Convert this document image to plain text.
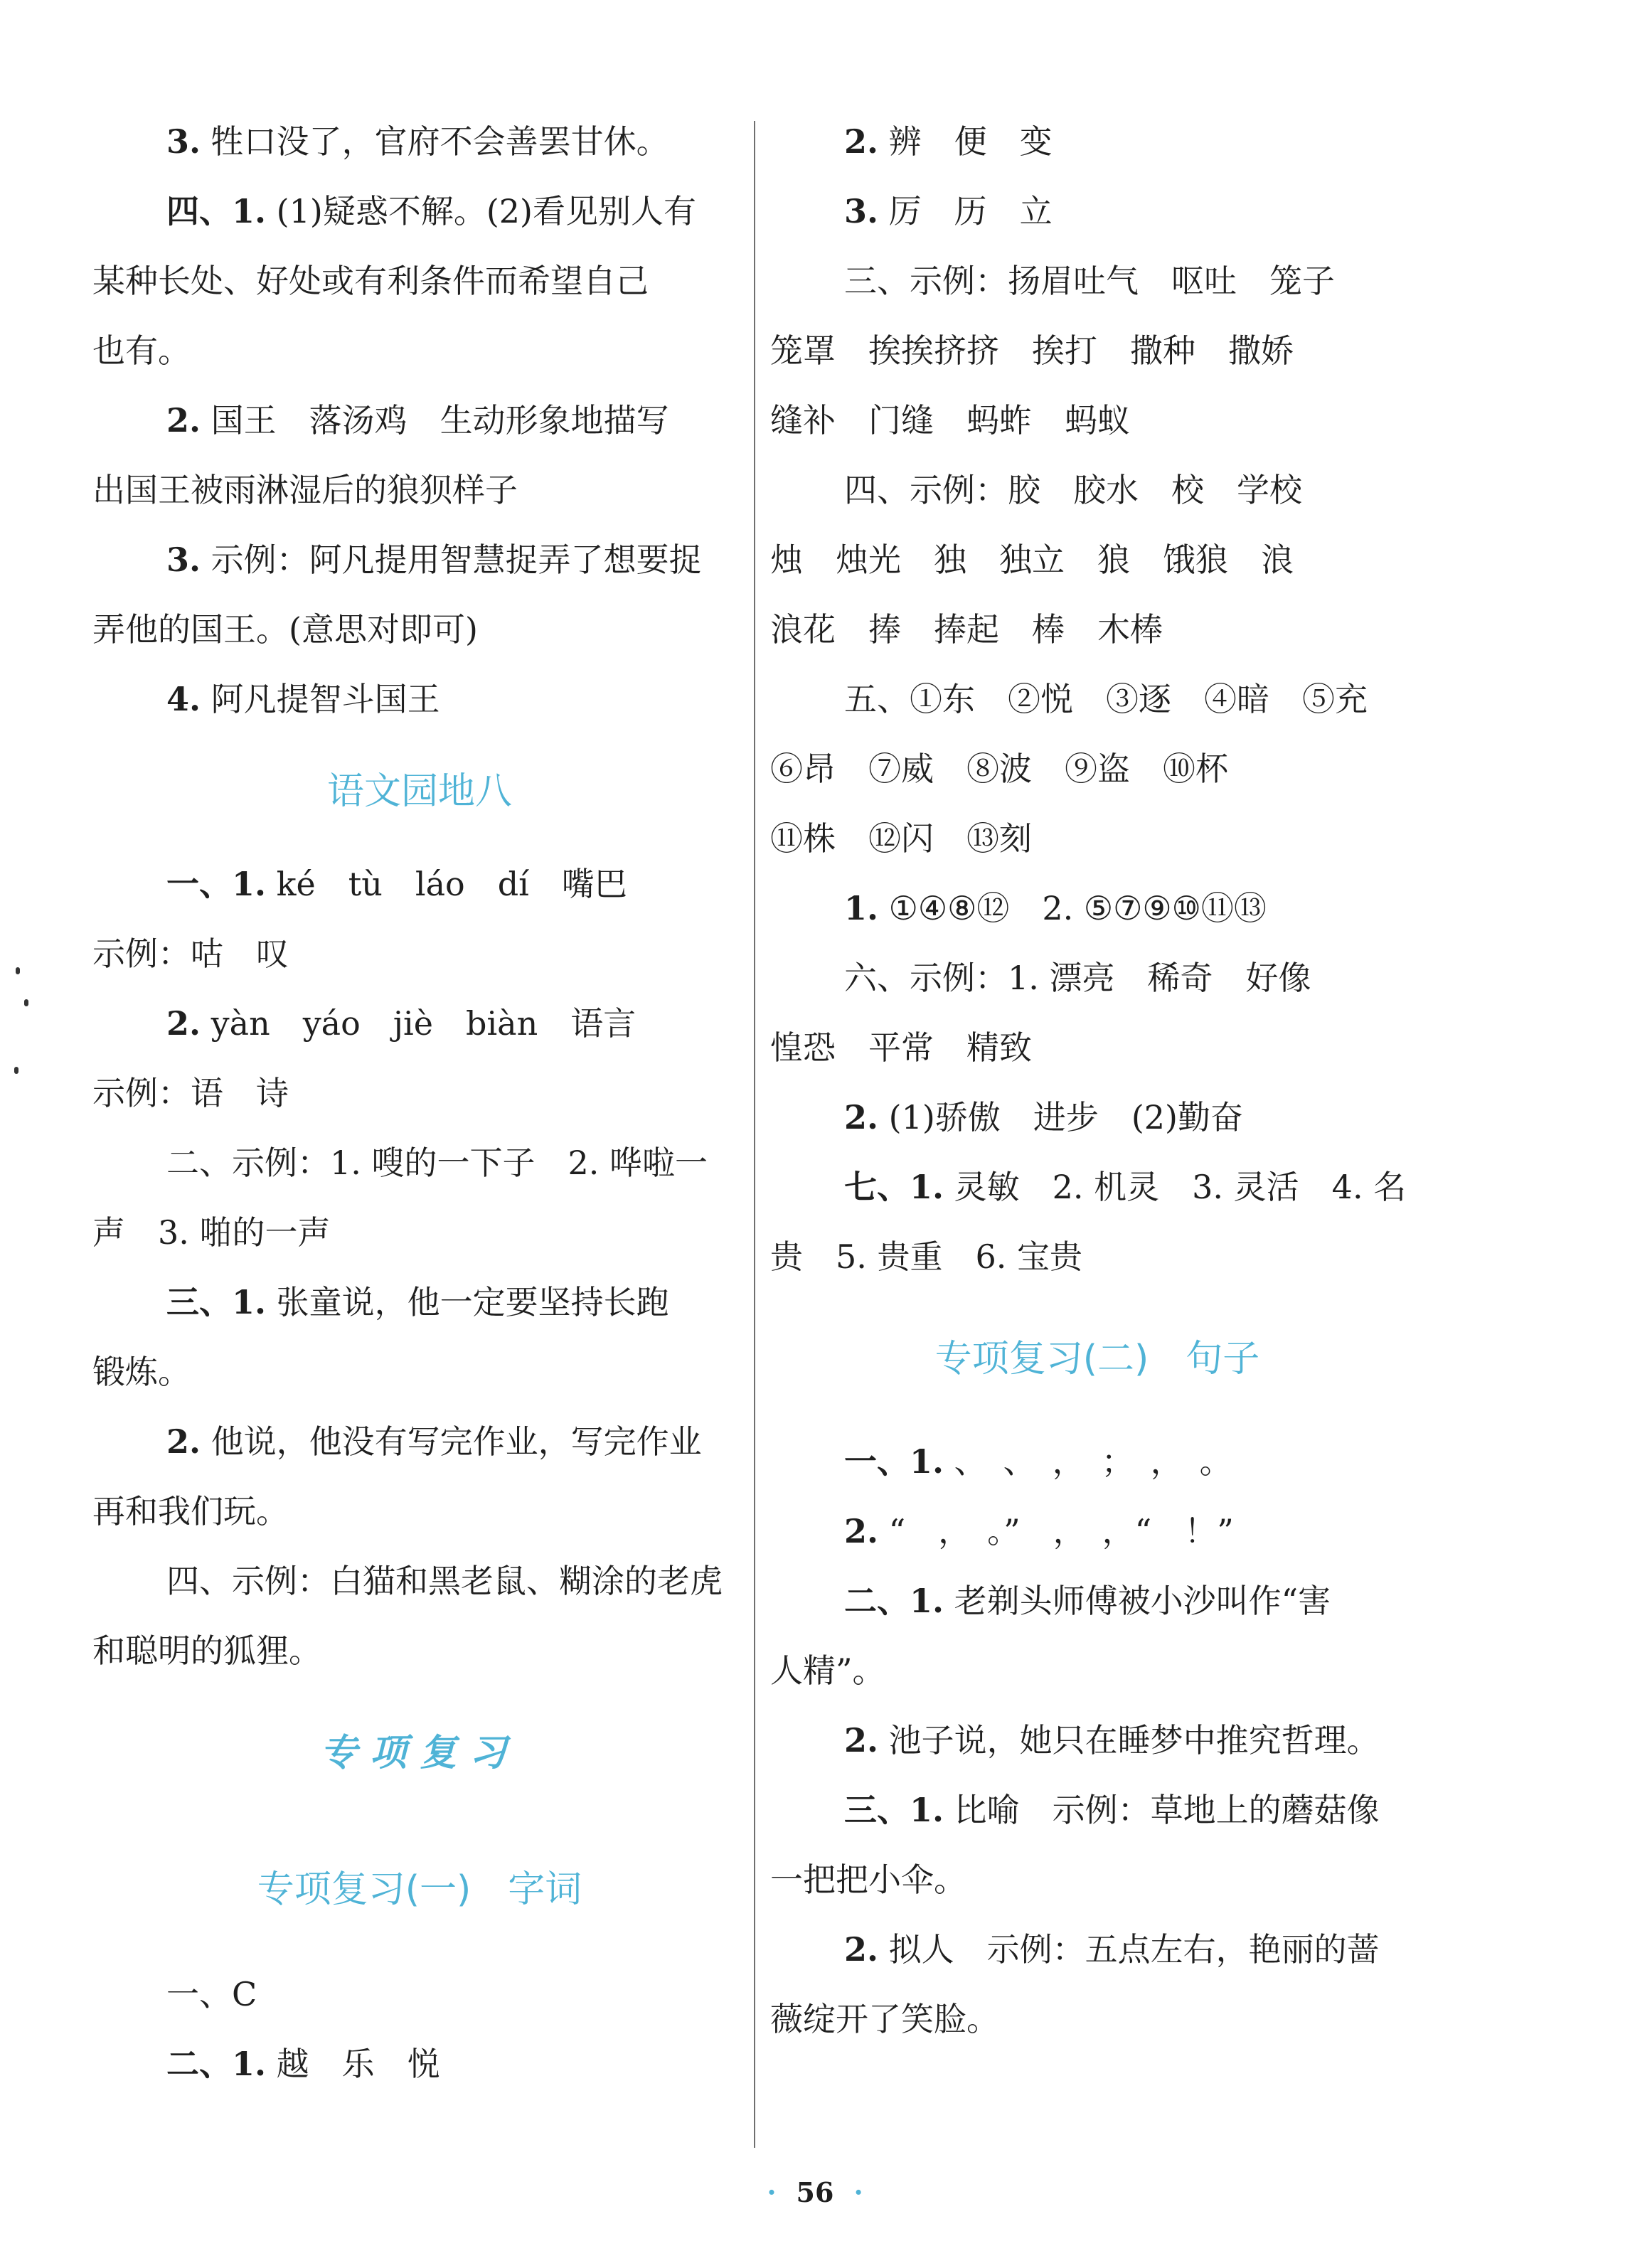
3. 牲口没了，官府不会善罢甘休。
四、1. (1)疑惑不解。(2)看见别人有
某种长处、好处或有利条件而希望自己
也有。
2. 国王　落汤鸡　生动形象地描写
出国王被雨淋湿后的狼狈样子
3. 示例：阿凡提用智慧捉弄了想要捉
弄他的国王。(意思对即可)
4. 阿凡提智斗国王
语文园地八
一、1. ké　tù　láo　dí　嘴巴
示例：咕　叹
2. yàn　yáo　jiè　biàn　语言
示例：语　诗
二、示例：1. 嗖的一下子　2. 哗啦一
声　3. 啪的一声
三、1. 张童说，他一定要坚持长跑
锻炼。
2. 他说，他没有写完作业，写完作业
再和我们玩。
四、示例：白猫和黑老鼠、糊涂的老虎
和聪明的狐狸。
专项复习
专项复习(一)　字词
一、C
二、1. 越　乐　悦
2. 辨　便　变
3. 厉　历　立
三、示例：扬眉吐气　呕吐　笼子
笼罩　挨挨挤挤　挨打　撒种　撒娇
缝补　门缝　蚂蚱　蚂蚁
四、示例：胶　胶水　校　学校
烛　烛光　独　独立　狼　饿狼　浪
浪花　捧　捧起　棒　木棒
五、①东　②悦　③逐　④暗　⑤充
⑥昂　⑦威　⑧波　⑨盗　⑩杯
⑪株　⑫闪　⑬刻
1. ①④⑧⑫　2. ⑤⑦⑨⑩⑪⑬
六、示例：1. 漂亮　稀奇　好像
惶恐　平常　精致
2. (1)骄傲　进步　(2)勤奋
七、1. 灵敏　2. 机灵　3. 灵活　4. 名
贵　5. 贵重　6. 宝贵
专项复习(二)　句子
一、1. 、　、　，　；　，　。
2. “　，　。”　，　，“　！”
二、1. 老剃头师傅被小沙叫作“害
人精”。
2. 池子说，她只在睡梦中推究哲理。
三、1. 比喻　示例：草地上的蘑菇像
一把把小伞。
2. 拟人　示例：五点左右，艳丽的蔷
薇绽开了笑脸。
· 56 ·
